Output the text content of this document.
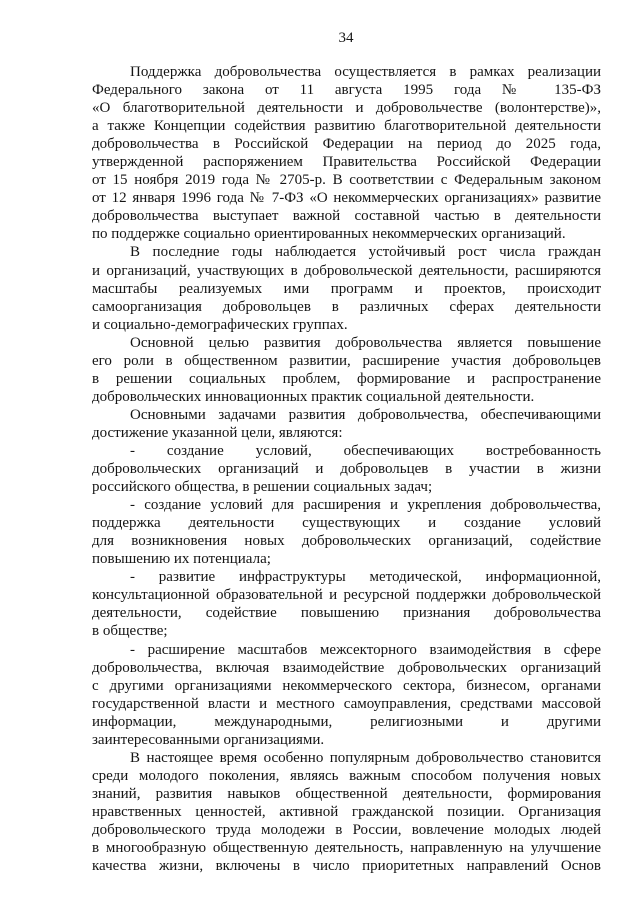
34
Поддержка добровольчества осуществляется в рамках реализации
Федерального закона от 11 августа 1995 года № 135-ФЗ
«О благотворительной деятельности и добровольчестве (волонтерстве)»,
а также Концепции содействия развитию благотворительной деятельности
добровольчества в Российской Федерации на период до 2025 года,
утвержденной распоряжением Правительства Российской Федерации
от 15 ноября 2019 года № 2705-р. В соответствии с Федеральным законом
от 12 января 1996 года № 7-ФЗ «О некоммерческих организациях» развитие
добровольчества выступает важной составной частью в деятельности
по поддержке социально ориентированных некоммерческих организаций.
В последние годы наблюдается устойчивый рост числа граждан
и организаций, участвующих в добровольческой деятельности, расширяются
масштабы реализуемых ими программ и проектов, происходит
самоорганизация добровольцев в различных сферах деятельности
и социально-демографических группах.
Основной целью развития добровольчества является повышение
его роли в общественном развитии, расширение участия добровольцев
в решении социальных проблем, формирование и распространение
добровольческих инновационных практик социальной деятельности.
Основными задачами развития добровольчества, обеспечивающими
достижение указанной цели, являются:
- создание условий, обеспечивающих востребованность
добровольческих организаций и добровольцев в участии в жизни
российского общества, в решении социальных задач;
- создание условий для расширения и укрепления добровольчества,
поддержка деятельности существующих и создание условий
для возникновения новых добровольческих организаций, содействие
повышению их потенциала;
- развитие инфраструктуры методической, информационной,
консультационной образовательной и ресурсной поддержки добровольческой
деятельности, содействие повышению признания добровольчества
в обществе;
- расширение масштабов межсекторного взаимодействия в сфере
добровольчества, включая взаимодействие добровольческих организаций
с другими организациями некоммерческого сектора, бизнесом, органами
государственной власти и местного самоуправления, средствами массовой
информации, международными, религиозными и другими
заинтересованными организациями.
В настоящее время особенно популярным добровольчество становится
среди молодого поколения, являясь важным способом получения новых
знаний, развития навыков общественной деятельности, формирования
нравственных ценностей, активной гражданской позиции. Организация
добровольческого труда молодежи в России, вовлечение молодых людей
в многообразную общественную деятельность, направленную на улучшение
качества жизни, включены в число приоритетных направлений Основ
